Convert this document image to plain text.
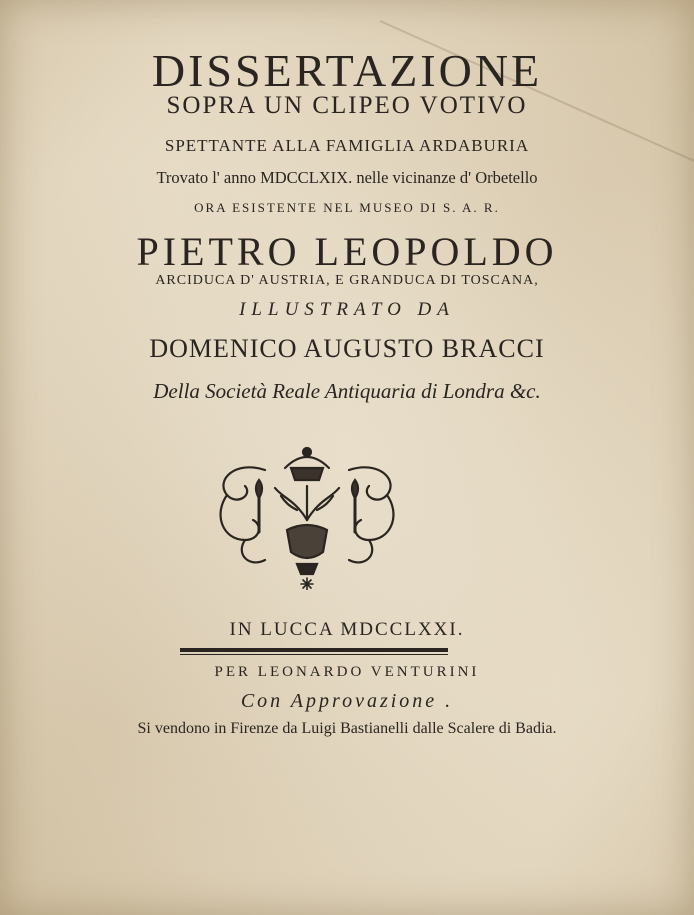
DISSERTAZIONE
SOPRA UN CLIPEO VOTIVO
SPETTANTE ALLA FAMIGLIA ARDABURIA
Trovato l' anno MDCCLXIX. nelle vicinanze d' Orbetello
ORA ESISTENTE NEL MUSEO DI S. A. R.
PIETRO LEOPOLDO
ARCIDUCA D' AUSTRIA, E GRANDUCA DI TOSCANA,
ILLUSTRATO DA
DOMENICO AUGUSTO BRACCI
Della Società Reale Antiquaria di Londra &c.
IN LUCCA MDCCLXXI.
PER LEONARDO VENTURINI
Con Approvazione .
Si vendono in Firenze da Luigi Bastianelli dalle Scalere di Badia.
